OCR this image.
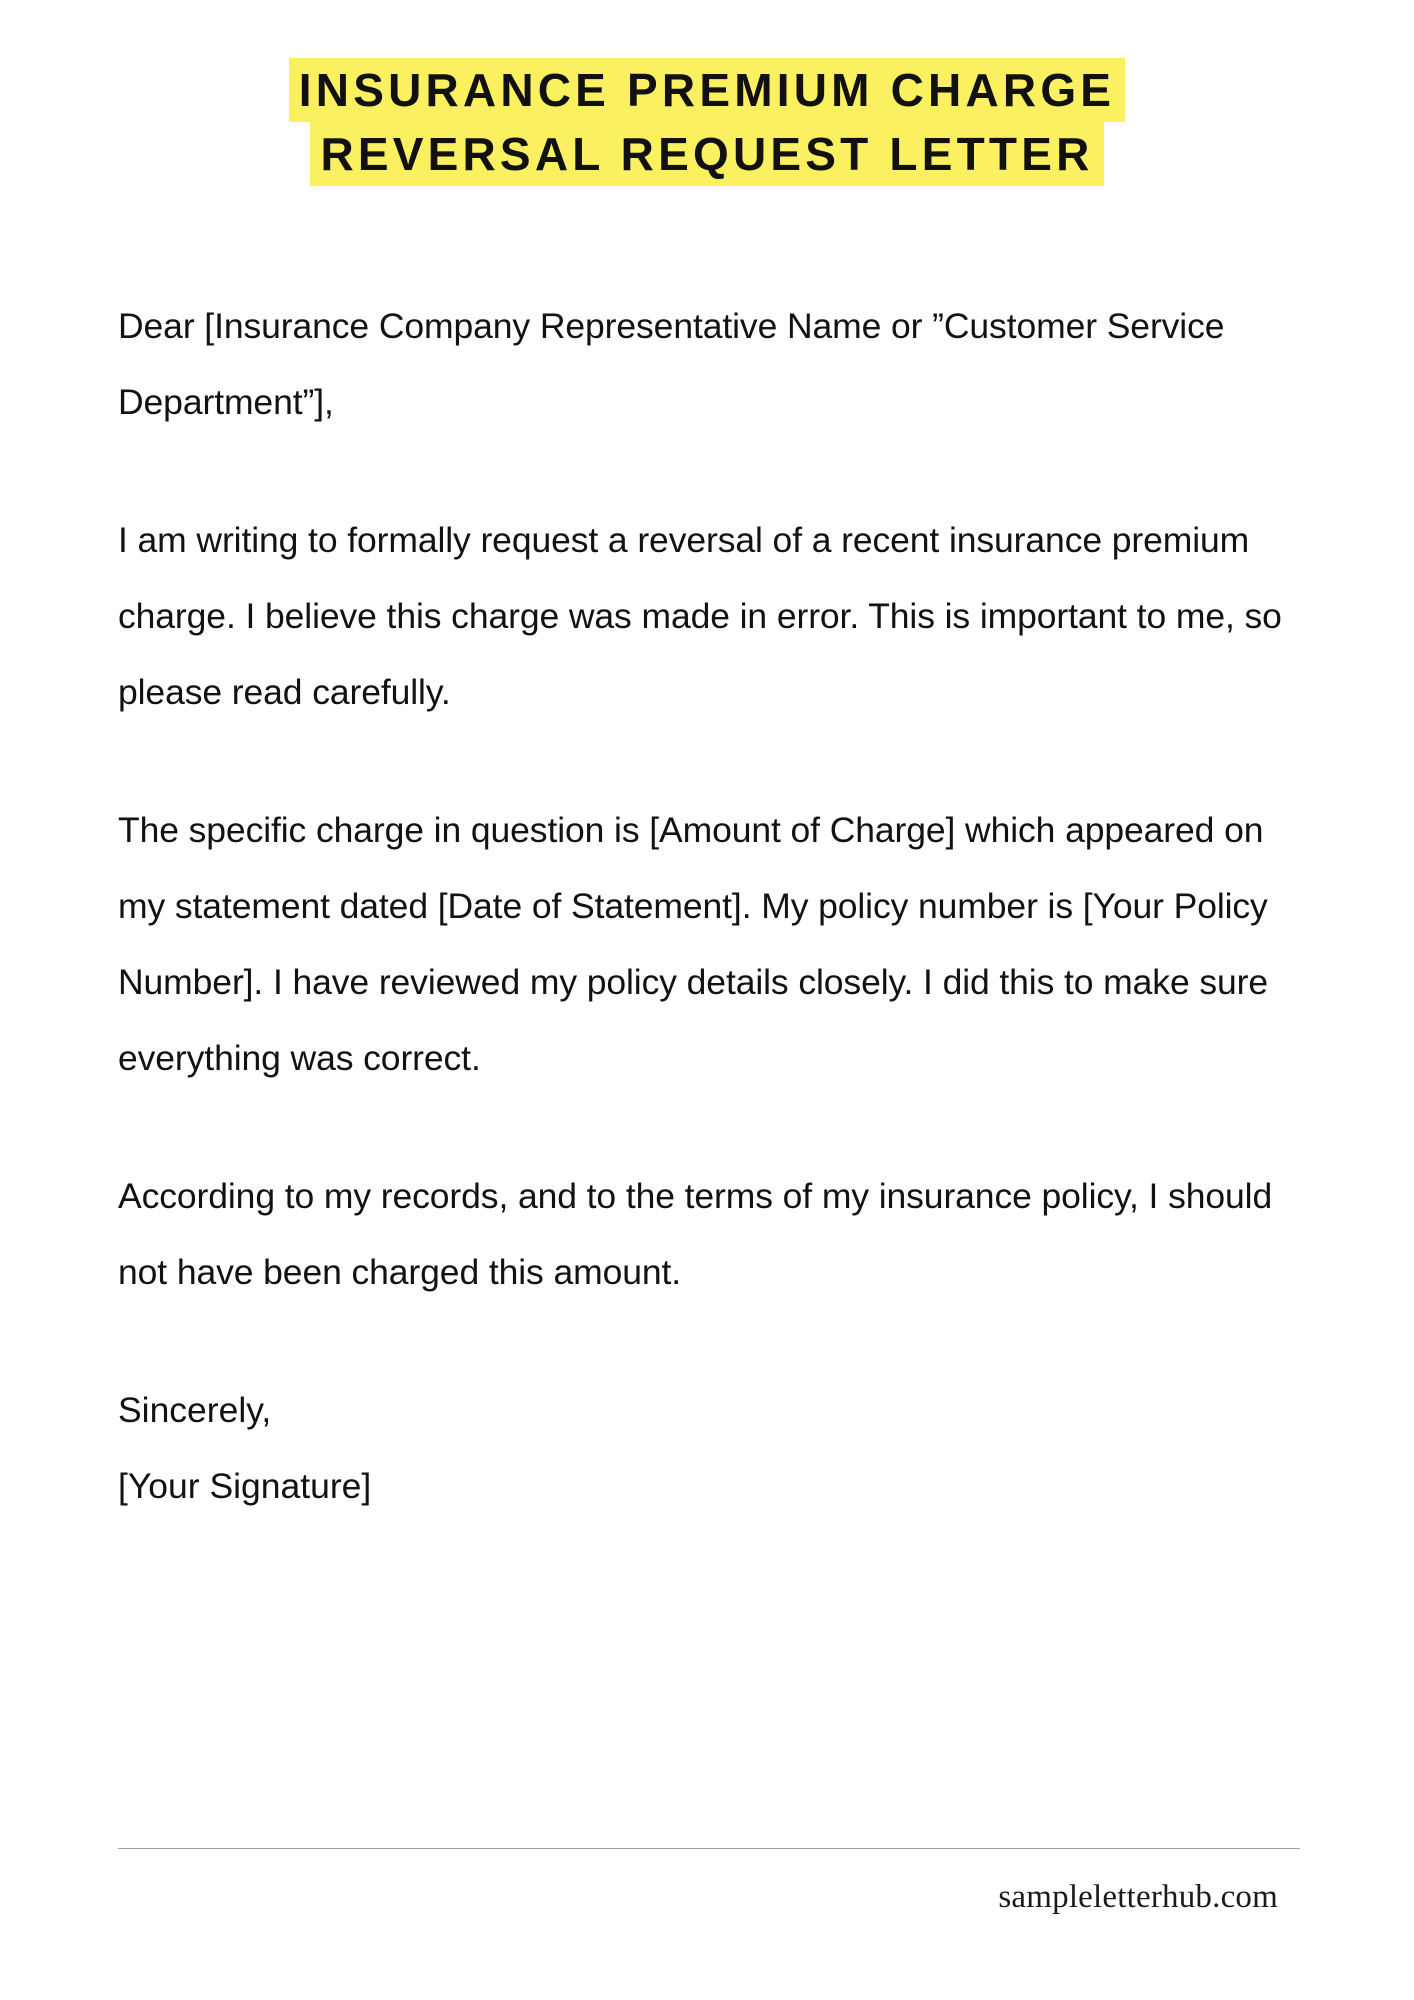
INSURANCE PREMIUM CHARGE
REVERSAL REQUEST LETTER

Dear [Insurance Company Representative Name or ”Customer Service Department”],

I am writing to formally request a reversal of a recent insurance premium charge. I believe this charge was made in error. This is important to me, so please read carefully.

The specific charge in question is [Amount of Charge] which appeared on my statement dated [Date of Statement]. My policy number is [Your Policy Number]. I have reviewed my policy details closely. I did this to make sure everything was correct.

According to my records, and to the terms of my insurance policy, I should not have been charged this amount.

Sincerely,

[Your Signature]

sampleletterhub.com
